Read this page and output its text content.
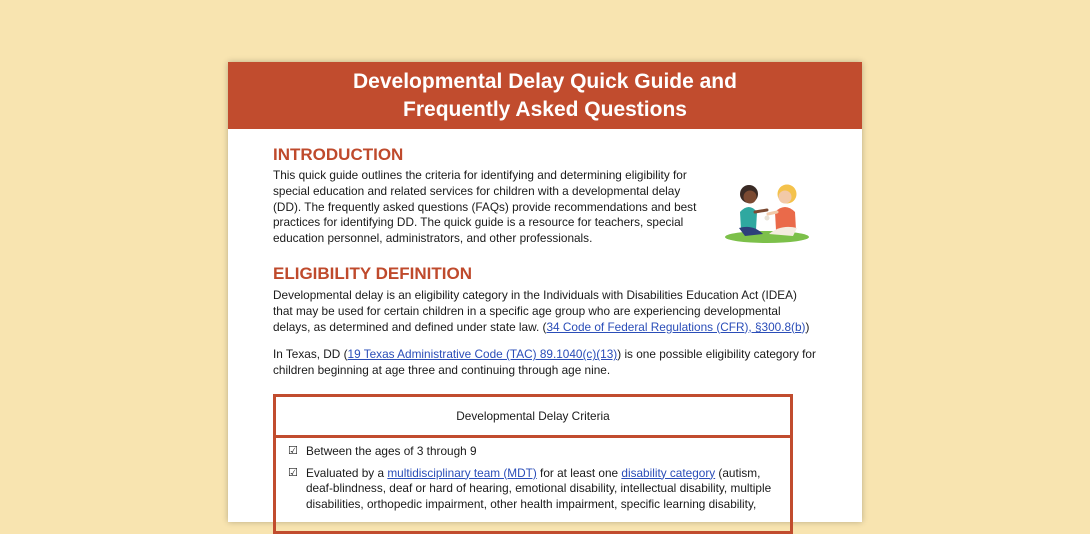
Developmental Delay Quick Guide and
Frequently Asked Questions
INTRODUCTION

This quick guide outlines the criteria for identifying and determining eligibility for special education and related services for children with a developmental delay (DD). The frequently asked questions (FAQs) provide recommendations and best practices for identifying DD. The quick guide is a resource for teachers, special education personnel, administrators, and other professionals.

ELIGIBILITY DEFINITION

Developmental delay is an eligibility category in the Individuals with Disabilities Education Act (IDEA) that may be used for certain children in a specific age group who are experiencing developmental delays, as determined and defined under state law. (34 Code of Federal Regulations (CFR), §300.8(b))

In Texas, DD (19 Texas Administrative Code (TAC) 89.1040(c)(13)) is one possible eligibility category for children beginning at age three and continuing through age nine.

Developmental Delay Criteria
☑ Between the ages of 3 through 9
☑ Evaluated by a multidisciplinary team (MDT) for at least one disability category (autism, deaf-blindness, deaf or hard of hearing, emotional disability, intellectual disability, multiple disabilities, orthopedic impairment, other health impairment, specific learning disability,
